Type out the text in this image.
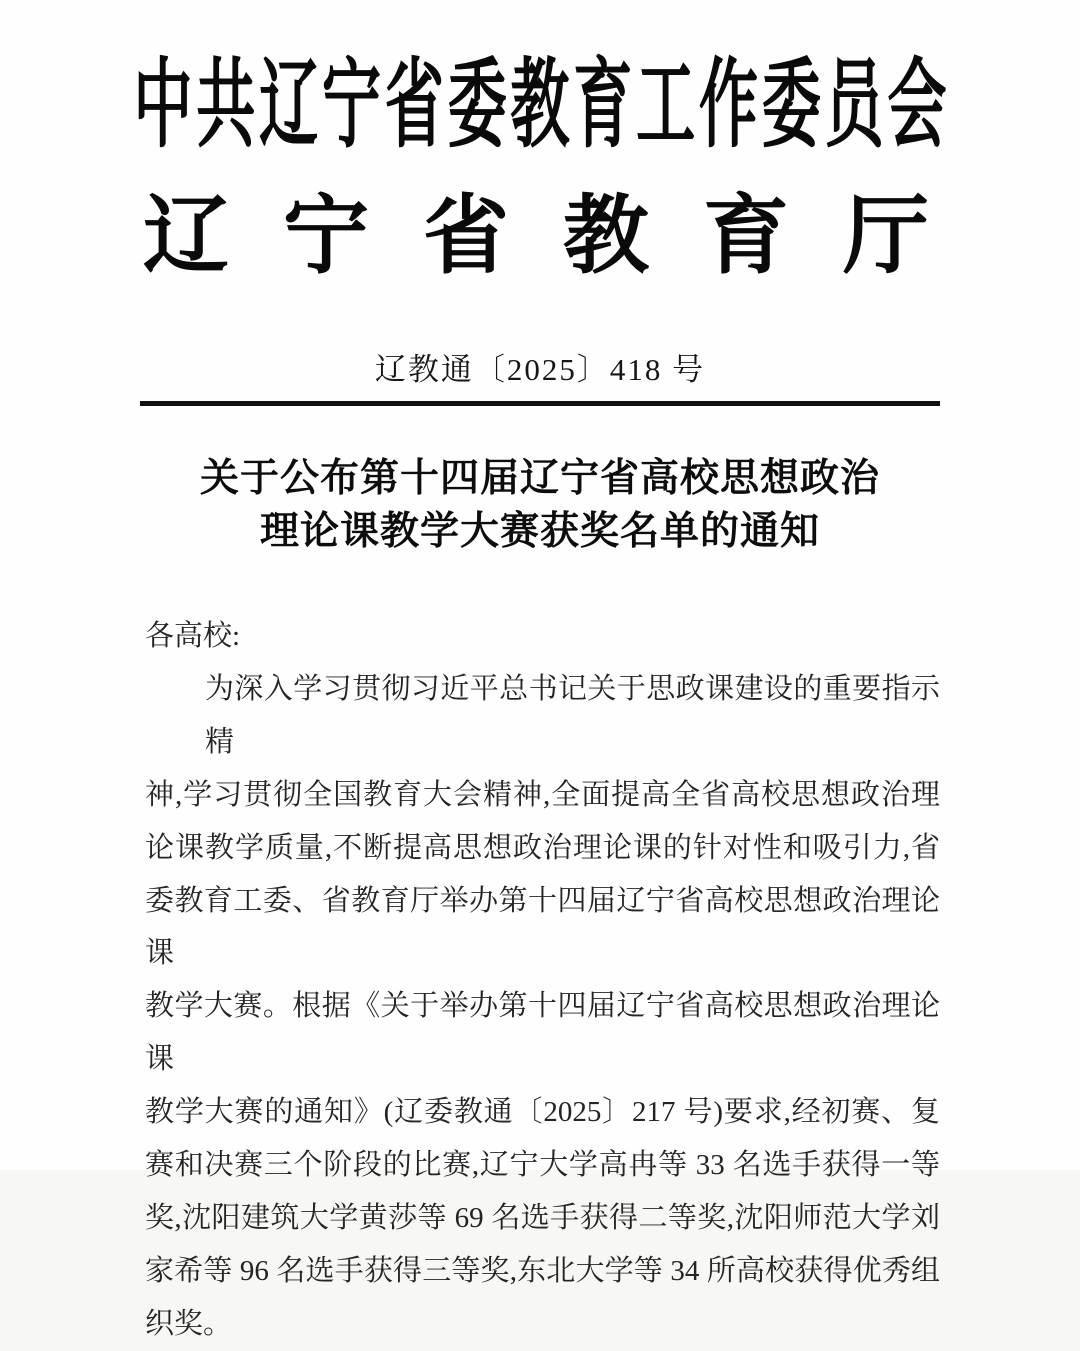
中共辽宁省委教育工作委员会
辽宁省教育厅
辽教通〔2025〕418 号
关于公布第十四届辽宁省高校思想政治
理论课教学大赛获奖名单的通知
各高校:
为深入学习贯彻习近平总书记关于思政课建设的重要指示精
神,学习贯彻全国教育大会精神,全面提高全省高校思想政治理
论课教学质量,不断提高思想政治理论课的针对性和吸引力,省
委教育工委、省教育厅举办第十四届辽宁省高校思想政治理论课
教学大赛。根据《关于举办第十四届辽宁省高校思想政治理论课
教学大赛的通知》(辽委教通〔2025〕217 号)要求,经初赛、复
赛和决赛三个阶段的比赛,辽宁大学高冉等 33 名选手获得一等
奖,沈阳建筑大学黄莎等 69 名选手获得二等奖,沈阳师范大学刘
家希等 96 名选手获得三等奖,东北大学等 34 所高校获得优秀组
织奖。
